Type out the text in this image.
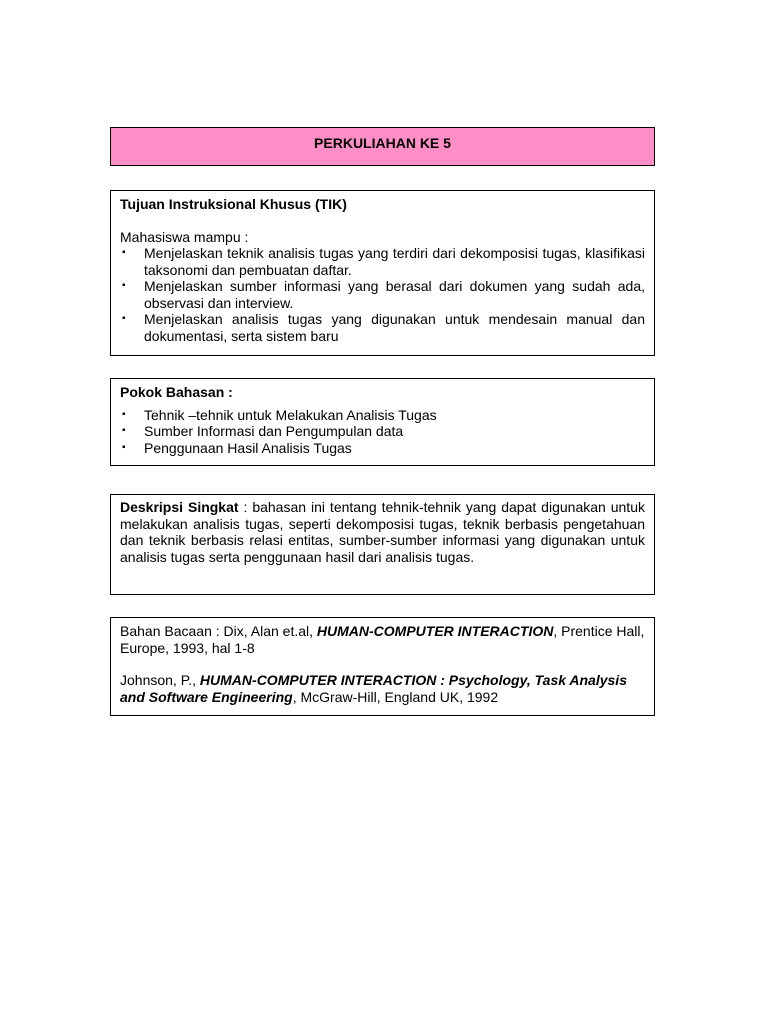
PERKULIAHAN KE 5
Tujuan Instruksional Khusus (TIK)
Mahasiswa mampu :
▪ Menjelaskan teknik analisis tugas yang terdiri dari dekomposisi tugas, klasifikasi taksonomi dan pembuatan daftar.
▪ Menjelaskan sumber informasi yang berasal dari dokumen yang sudah ada, observasi dan interview.
▪ Menjelaskan analisis tugas yang digunakan untuk mendesain manual dan dokumentasi, serta sistem baru
Pokok Bahasan :
▪ Tehnik –tehnik untuk Melakukan Analisis Tugas
▪ Sumber Informasi dan Pengumpulan data
▪ Penggunaan Hasil Analisis Tugas
Deskripsi Singkat : bahasan ini tentang tehnik-tehnik yang dapat digunakan untuk melakukan analisis tugas, seperti dekomposisi tugas, teknik berbasis pengetahuan dan teknik berbasis relasi entitas, sumber-sumber informasi yang digunakan untuk analisis tugas serta penggunaan hasil dari analisis tugas.
Bahan Bacaan : Dix, Alan et.al, HUMAN-COMPUTER INTERACTION, Prentice Hall, Europe, 1993, hal 1-8
Johnson, P., HUMAN-COMPUTER INTERACTION : Psychology, Task Analysis and Software Engineering, McGraw-Hill, England UK, 1992
